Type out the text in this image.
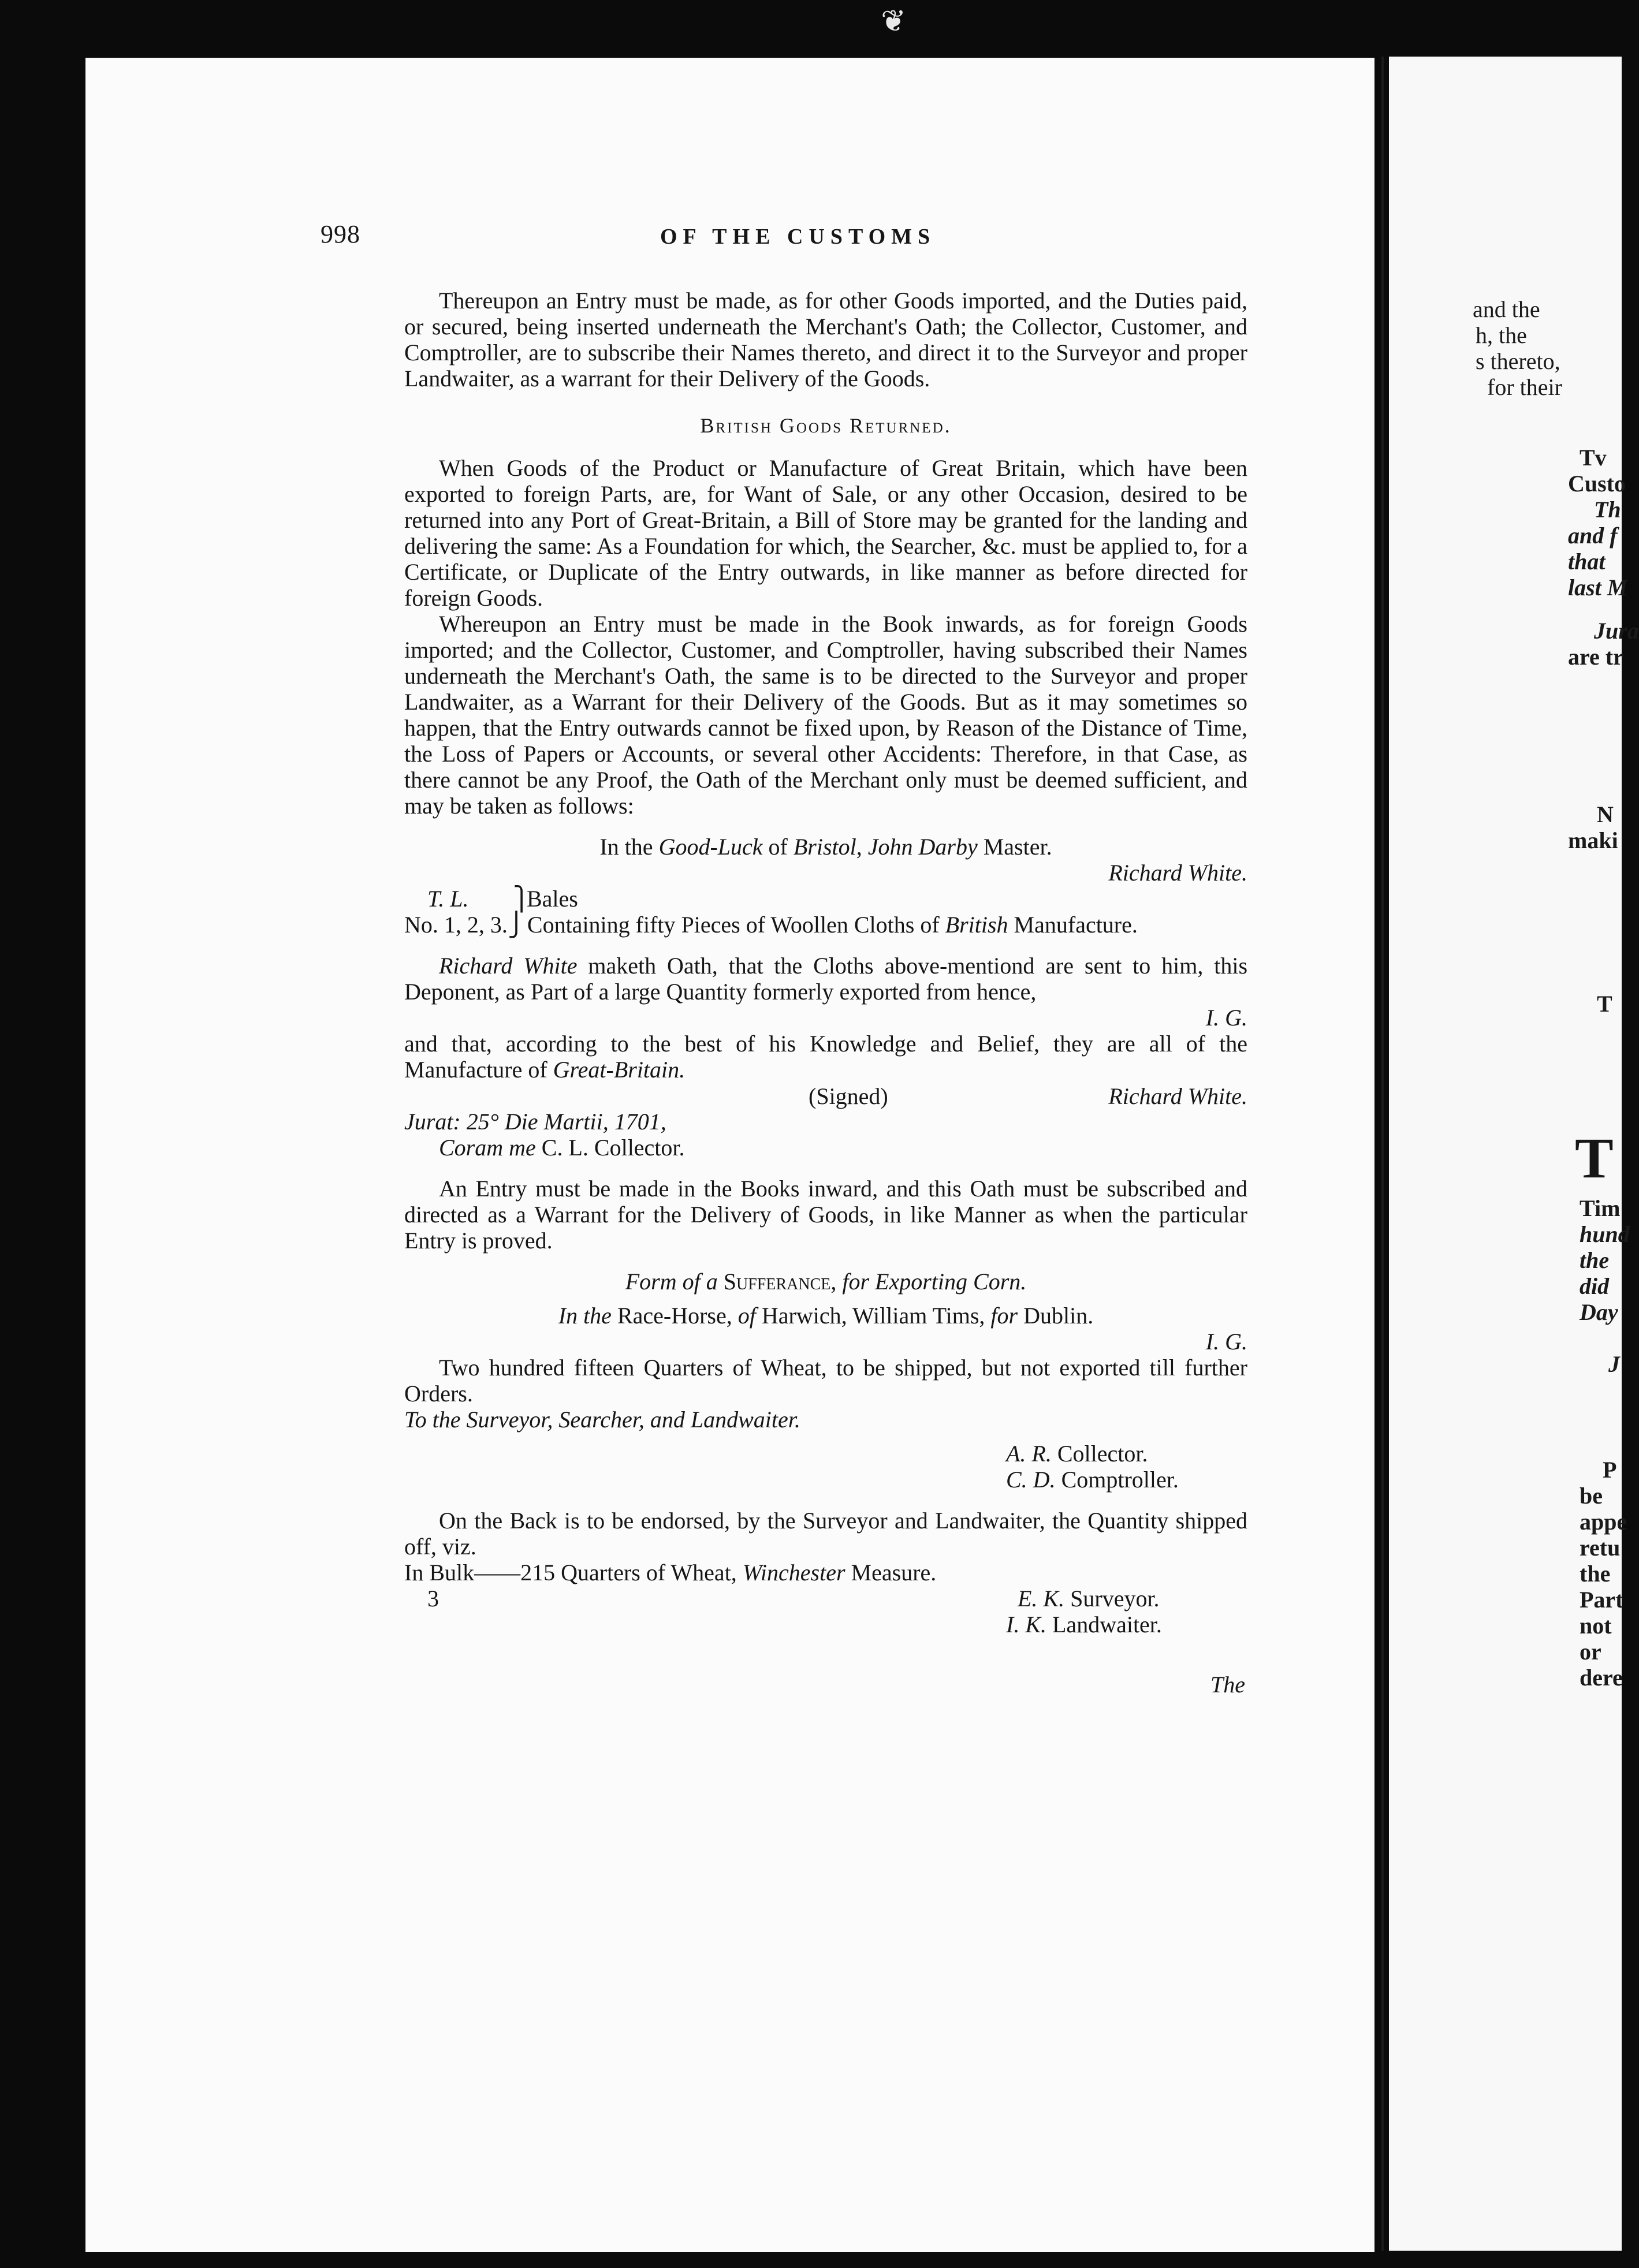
❦
and the
h, the
s thereto,
for their
Tv
Custo
Th
and f
that
last M
Jura
are tr
N
maki
T
T
Tim
hund
the
did
Day
J
P
be
appe
retu
the
Part
not
or
dere
998	OF THE CUSTOMS

Thereupon an Entry must be made, as for other Goods imported, and the Duties paid, or secured, being inserted underneath the Merchant's Oath; the Collector, Customer, and Comptroller, are to subscribe their Names thereto, and direct it to the Surveyor and proper Landwaiter, as a warrant for their Delivery of the Goods.

British Goods Returned.

When Goods of the Product or Manufacture of Great Britain, which have been exported to foreign Parts, are, for Want of Sale, or any other Occasion, desired to be returned into any Port of Great-Britain, a Bill of Store may be granted for the landing and delivering the same: As a Foundation for which, the Searcher, &c. must be applied to, for a Certificate, or Duplicate of the Entry outwards, in like manner as before directed for foreign Goods.

Whereupon an Entry must be made in the Book inwards, as for foreign Goods imported; and the Collector, Customer, and Comptroller, having subscribed their Names underneath the Merchant's Oath, the same is to be directed to the Surveyor and proper Landwaiter, as a Warrant for their Delivery of the Goods. But as it may sometimes so happen, that the Entry outwards cannot be fixed upon, by Reason of the Distance of Time, the Loss of Papers or Accounts, or several other Accidents: Therefore, in that Case, as there cannot be any Proof, the Oath of the Merchant only must be deemed sufficient, and may be taken as follows:

In the Good-Luck of Bristol, John Darby Master.
Richard White.
T. L. ⎫
Bales
No. 1, 2, 3.⎭ Containing fifty Pieces of Woollen Cloths of British Manufacture.

Richard White maketh Oath, that the Cloths above-mentiond are sent to him, this Deponent, as Part of a large Quantity formerly exported from hence,

I. G.

and that, according to the best of his Knowledge and Belief, they are all of the Manufacture of Great-Britain.

(Signed)	Richard White.
Jurat: 25° Die Martii, 1701,
Coram me C. L. Collector.

An Entry must be made in the Books inward, and this Oath must be subscribed and directed as a Warrant for the Delivery of Goods, in like Manner as when the particular Entry is proved.

Form of a Sufferance, for Exporting Corn.
In the Race-Horse, of Harwich, William Tims, for Dublin.
I. G.

Two hundred fifteen Quarters of Wheat, to be shipped, but not exported till further Orders.

To the Surveyor, Searcher, and Landwaiter.
A. R. Collector.
C. D. Comptroller.

On the Back is to be endorsed, by the Surveyor and Landwaiter, the Quantity shipped off, viz.

In Bulk——215 Quarters of Wheat, Winchester Measure.
3	E. K. Surveyor.
I. K. Landwaiter.
The
